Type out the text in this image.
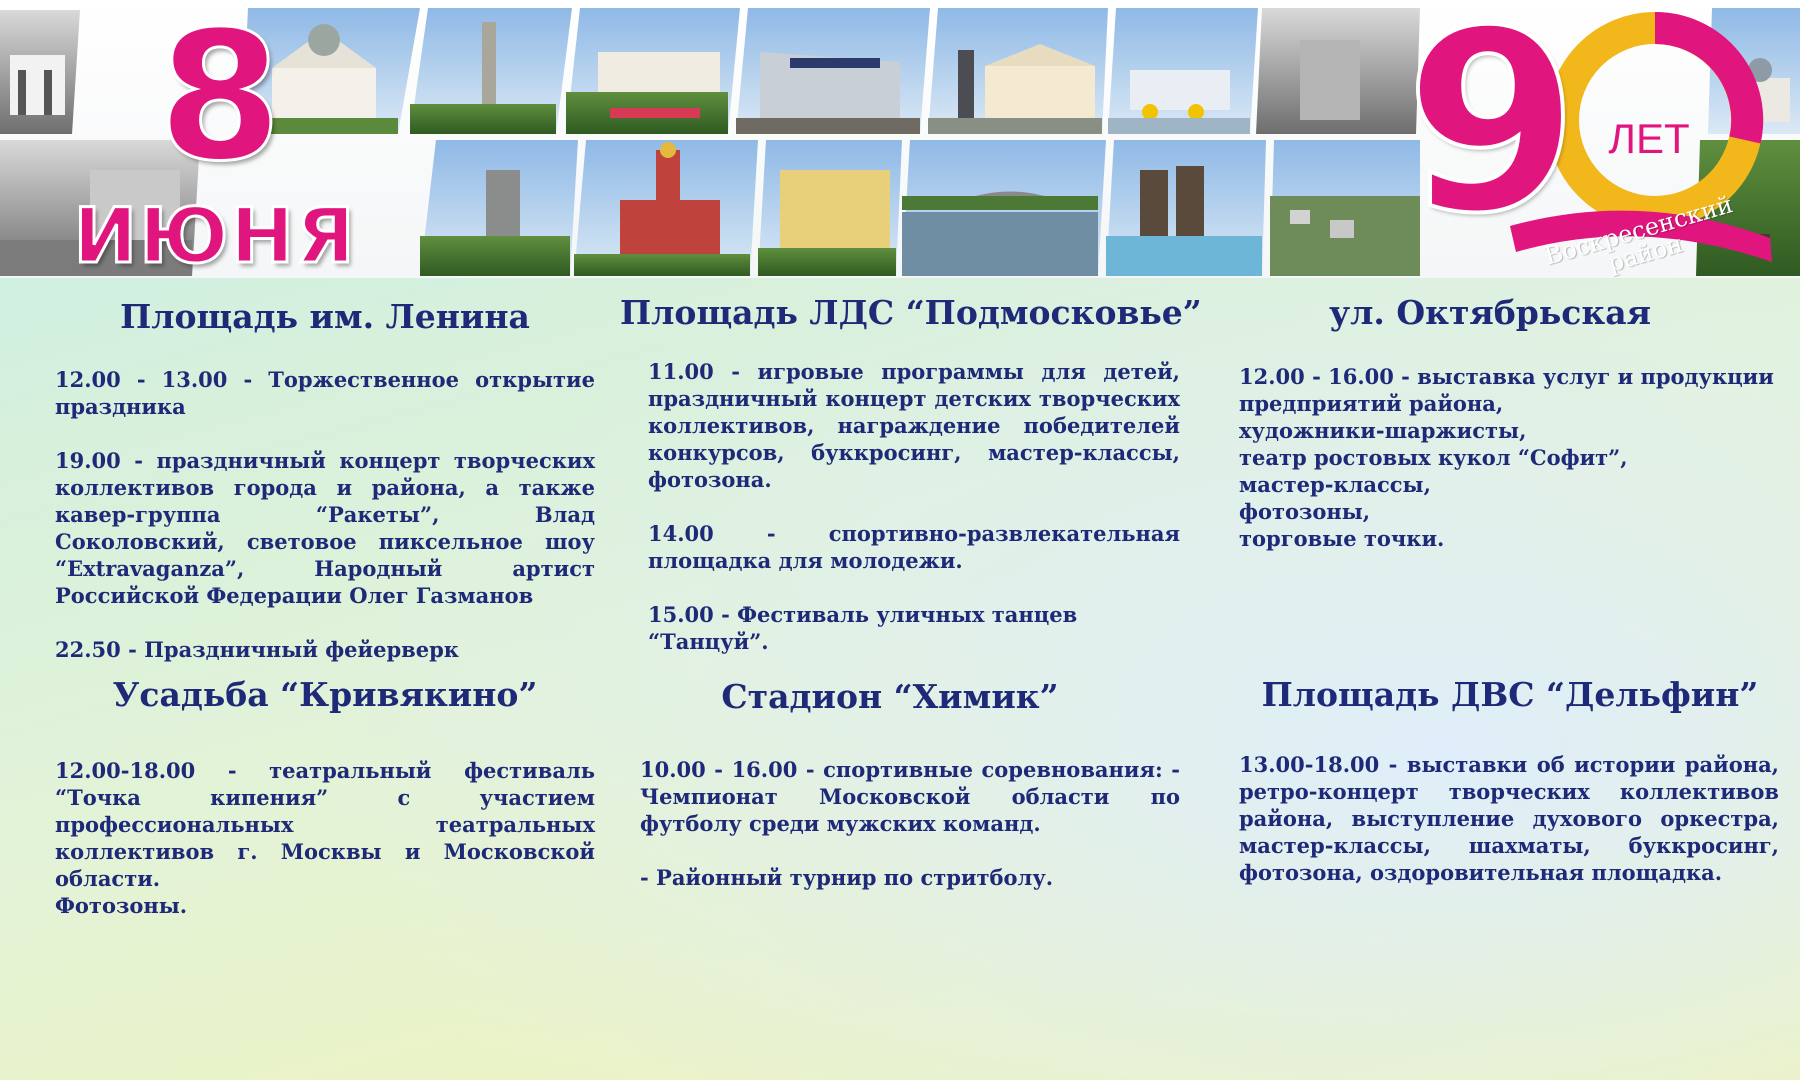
8
ИЮНЯ	9 ЛЕТ
Воскресенский район
Площадь им. Ленина

12.00 - 13.00 - Торжественное открытие праздника

19.00 - праздничный концерт творческих коллективов города и района, а также кавер-группа “Ракеты”, Влад Соколовский, световое пиксельное шоу “Extravaganza”, Народный артист Российской Федерации Олег Газманов

22.50 - Праздничный фейерверк

Площадь ЛДС “Подмосковье”

11.00 - игровые программы для детей, праздничный концерт детских творческих коллективов, награждение победителей конкурсов, буккросинг, мастер-классы, фотозона.

14.00 - спортивно-развлекательная площадка для молодежи.

15.00 - Фестиваль уличных танцев “Танцуй”.

ул. Октябрьская

12.00 - 16.00 - выставка услуг и продукции

предприятий района,

художники-шаржисты,

театр ростовых кукол “Софит”,

мастер-классы,

фотозоны,

торговые точки.

Усадьба “Кривякино”

12.00-18.00 - театральный фестиваль “Точка кипения” с участием профессиональных театральных коллективов г. Москвы и Московской области.

Фотозоны.

Стадион “Химик”

10.00 - 16.00 - спортивные соревнования: - Чемпионат Московской области по футболу среди мужских команд.

- Районный турнир по стритболу.

Площадь ДВС “Дельфин”

13.00-18.00 - выставки об истории района, ретро-концерт творческих коллективов района, выступление духового оркестра, мастер-классы, шахматы, буккросинг, фотозона, оздоровительная площадка.
